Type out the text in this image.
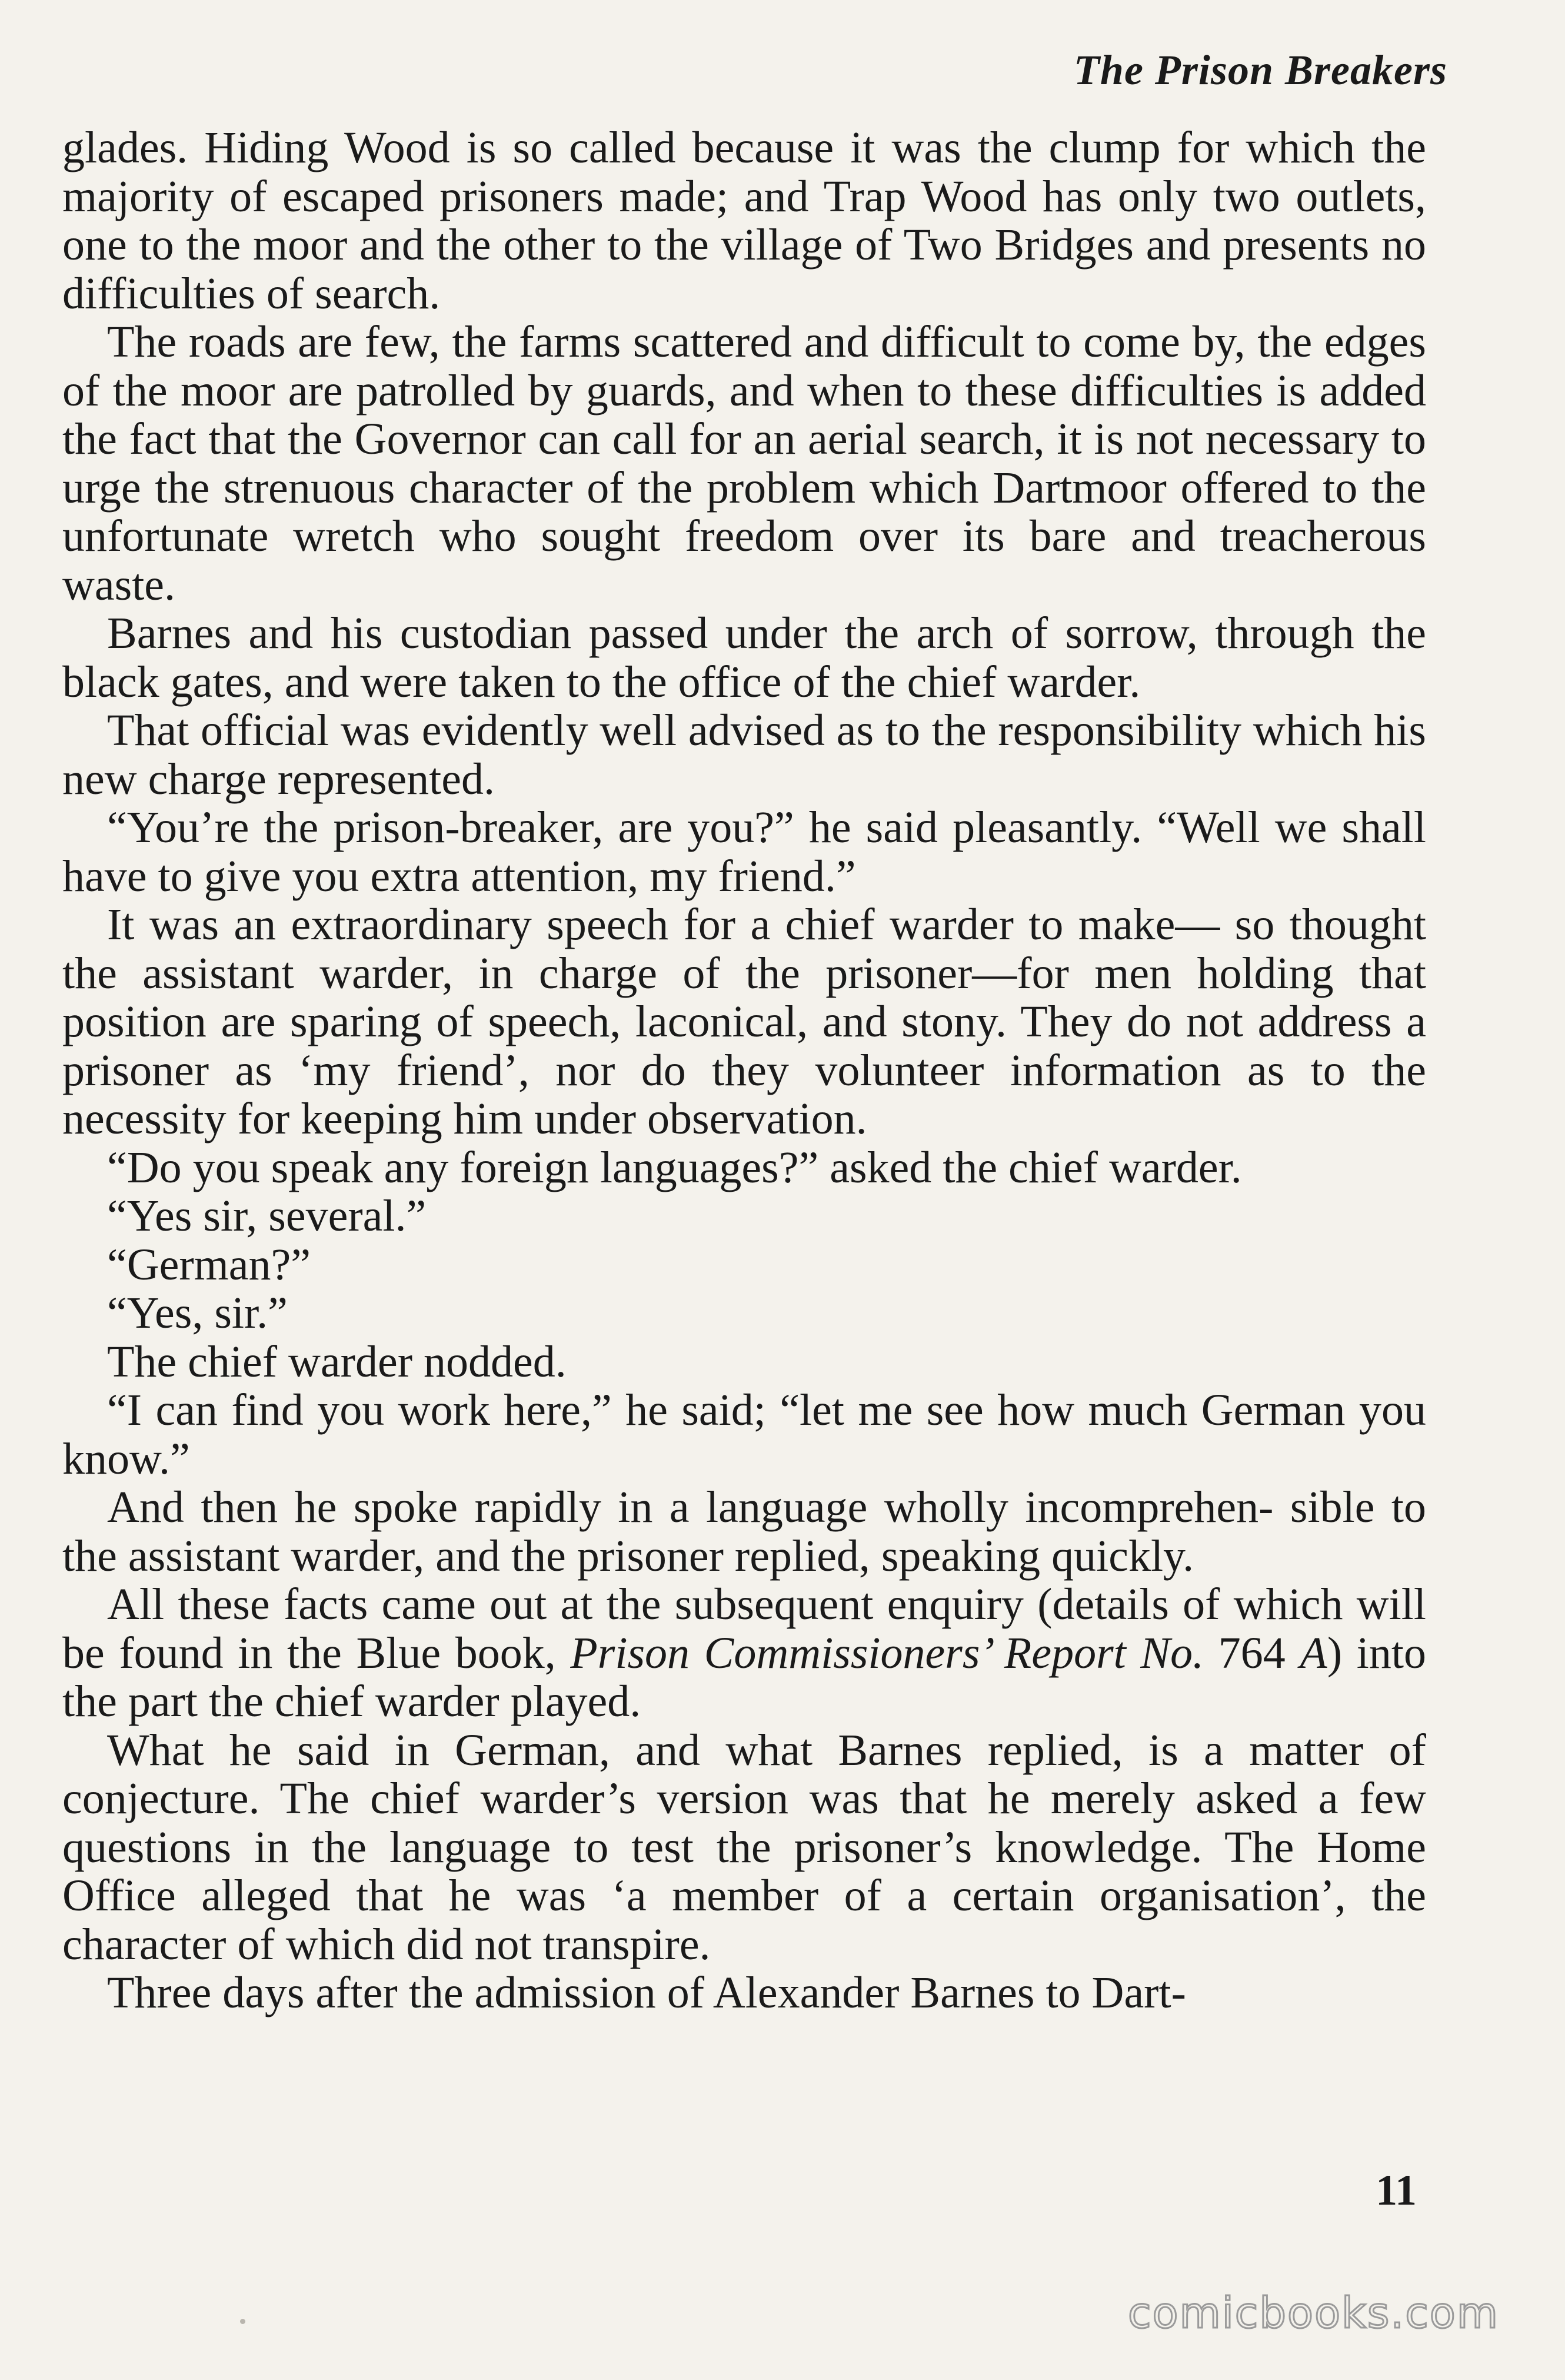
The Prison Breakers

glades. Hiding Wood is so called because it was the clump for which the majority of escaped prisoners made; and Trap Wood has only two outlets, one to the moor and the other to the village of Two Bridges and presents no difficulties of search.

The roads are few, the farms scattered and difficult to come by, the edges of the moor are patrolled by guards, and when to these difficulties is added the fact that the Governor can call for an aerial search, it is not necessary to urge the strenuous character of the problem which Dartmoor offered to the unfortunate wretch who sought freedom over its bare and treacherous waste.

Barnes and his custodian passed under the arch of sorrow, through the black gates, and were taken to the office of the chief warder.

That official was evidently well advised as to the responsibility which his new charge represented.

“You’re the prison-breaker, are you?” he said pleasantly. “Well we shall have to give you extra attention, my friend.”

It was an extraordinary speech for a chief warder to make— so thought the assistant warder, in charge of the prisoner—for men holding that position are sparing of speech, laconical, and stony. They do not address a prisoner as ‘my friend’, nor do they volunteer information as to the necessity for keeping him under observation.

“Do you speak any foreign languages?” asked the chief warder.

“Yes sir, several.”

“German?”

“Yes, sir.”

The chief warder nodded.

“I can find you work here,” he said; “let me see how much German you know.”

And then he spoke rapidly in a language wholly incomprehen- sible to the assistant warder, and the prisoner replied, speaking quickly.

All these facts came out at the subsequent enquiry (details of which will be found in the Blue book, Prison Commissioners’ Report No. 764 A) into the part the chief warder played.

What he said in German, and what Barnes replied, is a matter of conjecture. The chief warder’s version was that he merely asked a few questions in the language to test the prisoner’s knowledge. The Home Office alleged that he was ‘a member of a certain organisation’, the character of which did not transpire.

Three days after the admission of Alexander Barnes to Dart-

11
comicbooks.com
